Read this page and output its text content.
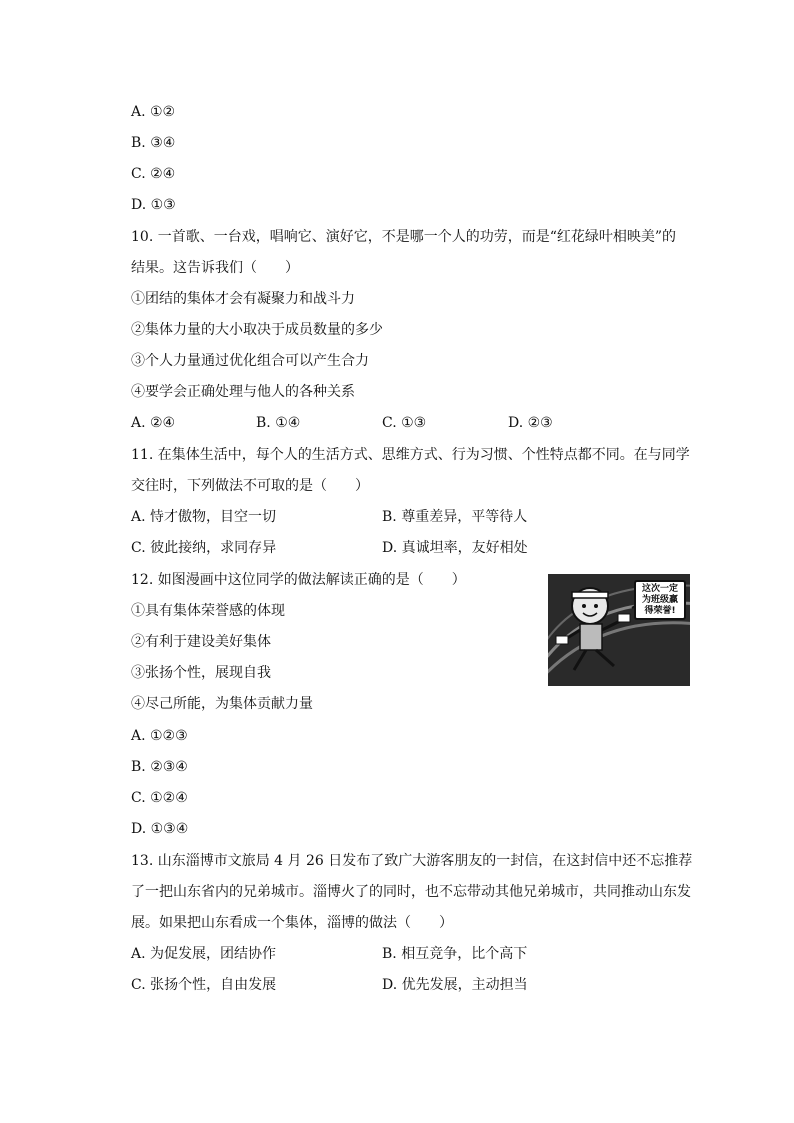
A. ①②
B. ③④
C. ②④
D. ①③
10. 一首歌、一台戏，唱响它、演好它，不是哪一个人的功劳，而是“红花绿叶相映美”的
结果。这告诉我们（　　）
①团结的集体才会有凝聚力和战斗力
②集体力量的大小取决于成员数量的多少
③个人力量通过优化组合可以产生合力
④要学会正确处理与他人的各种关系
A. ②④	B. ①④	C. ①③	D. ②③
11. 在集体生活中，每个人的生活方式、思维方式、行为习惯、个性特点都不同。在与同学
交往时，下列做法不可取的是（　　）
A. 恃才傲物，目空一切	B. 尊重差异，平等待人
C. 彼此接纳，求同存异	D. 真诚坦率，友好相处
12. 如图漫画中这位同学的做法解读正确的是（　　）
①具有集体荣誉感的体现
②有利于建设美好集体
③张扬个性，展现自我
④尽己所能，为集体贡献力量
A. ①②③
B. ②③④
C. ①②④
D. ①③④
这次一定
为班级赢
得荣誉!
13. 山东淄博市文旅局 4 月 26 日发布了致广大游客朋友的一封信，在这封信中还不忘推荐
了一把山东省内的兄弟城市。淄博火了的同时，也不忘带动其他兄弟城市，共同推动山东发
展。如果把山东看成一个集体，淄博的做法（　　）
A. 为促发展，团结协作	B. 相互竞争，比个高下
C. 张扬个性，自由发展	D. 优先发展，主动担当
